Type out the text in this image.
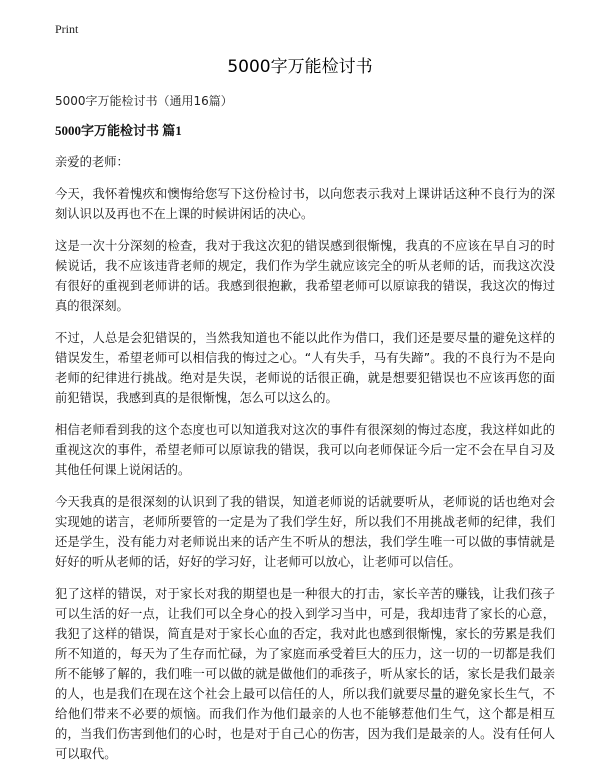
Print
5000字万能检讨书

5000字万能检讨书（通用16篇）

5000字万能检讨书 篇1

亲爱的老师：

今天，我怀着愧疚和懊悔给您写下这份检讨书，以向您表示我对上课讲话这种不良行为的深刻认识以及再也不在上课的时候讲闲话的决心。

这是一次十分深刻的检查，我对于我这次犯的错误感到很惭愧，我真的不应该在早自习的时候说话，我不应该违背老师的规定，我们作为学生就应该完全的听从老师的话，而我这次没有很好的重视到老师讲的话。我感到很抱歉，我希望老师可以原谅我的错误，我这次的悔过真的很深刻。

不过，人总是会犯错误的，当然我知道也不能以此作为借口，我们还是要尽量的避免这样的错误发生，希望老师可以相信我的悔过之心。“人有失手，马有失蹄”。我的不良行为不是向老师的纪律进行挑战。绝对是失误，老师说的话很正确，就是想要犯错误也不应该再您的面前犯错误，我感到真的是很惭愧，怎么可以这么的。

相信老师看到我的这个态度也可以知道我对这次的事件有很深刻的悔过态度，我这样如此的重视这次的事件，希望老师可以原谅我的错误，我可以向老师保证今后一定不会在早自习及其他任何课上说闲话的。

今天我真的是很深刻的认识到了我的错误，知道老师说的话就要听从，老师说的话也绝对会实现她的诺言，老师所要管的一定是为了我们学生好，所以我们不用挑战老师的纪律，我们还是学生，没有能力对老师说出来的话产生不听从的想法，我们学生唯一可以做的事情就是好好的听从老师的话，好好的学习好，让老师可以放心，让老师可以信任。

犯了这样的错误，对于家长对我的期望也是一种很大的打击，家长辛苦的赚钱，让我们孩子可以生活的好一点，让我们可以全身心的投入到学习当中，可是，我却违背了家长的心意，我犯了这样的错误，简直是对于家长心血的否定，我对此也感到很惭愧，家长的劳累是我们所不知道的，每天为了生存而忙碌，为了家庭而承受着巨大的压力，这一切的一切都是我们所不能够了解的，我们唯一可以做的就是做他们的乖孩子，听从家长的话，家长是我们最亲的人，也是我们在现在这个社会上最可以信任的人，所以我们就要尽量的避免家长生气，不给他们带来不必要的烦恼。而我们作为他们最亲的人也不能够惹他们生气，这个都是相互的，当我们伤害到他们的心时，也是对于自己心的伤害，因为我们是最亲的人。没有任何人可以取代。
